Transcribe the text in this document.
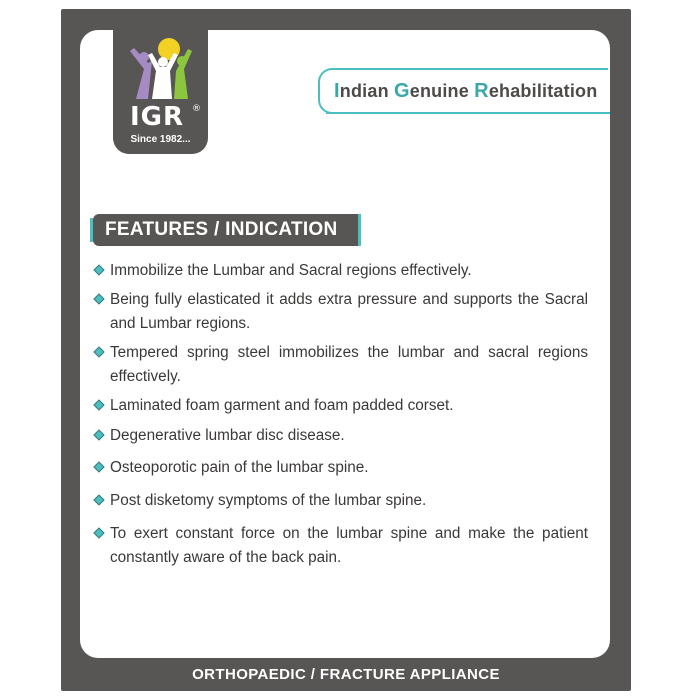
IGR ®
Since 1982...
Indian Genuine Rehabilitation
FEATURES / INDICATION
Immobilize the Lumbar and Sacral regions effectively.
Being fully elasticated it adds extra pressure and supports the Sacral and Lumbar regions.
Tempered spring steel immobilizes the lumbar and sacral regions effectively.
Laminated foam garment and foam padded corset.
Degenerative lumbar disc disease.
Osteoporotic pain of the lumbar spine.
Post disketomy symptoms of the lumbar spine.
To exert constant force on the lumbar spine and make the patient constantly aware of the back pain.
ORTHOPAEDIC / FRACTURE APPLIANCE
